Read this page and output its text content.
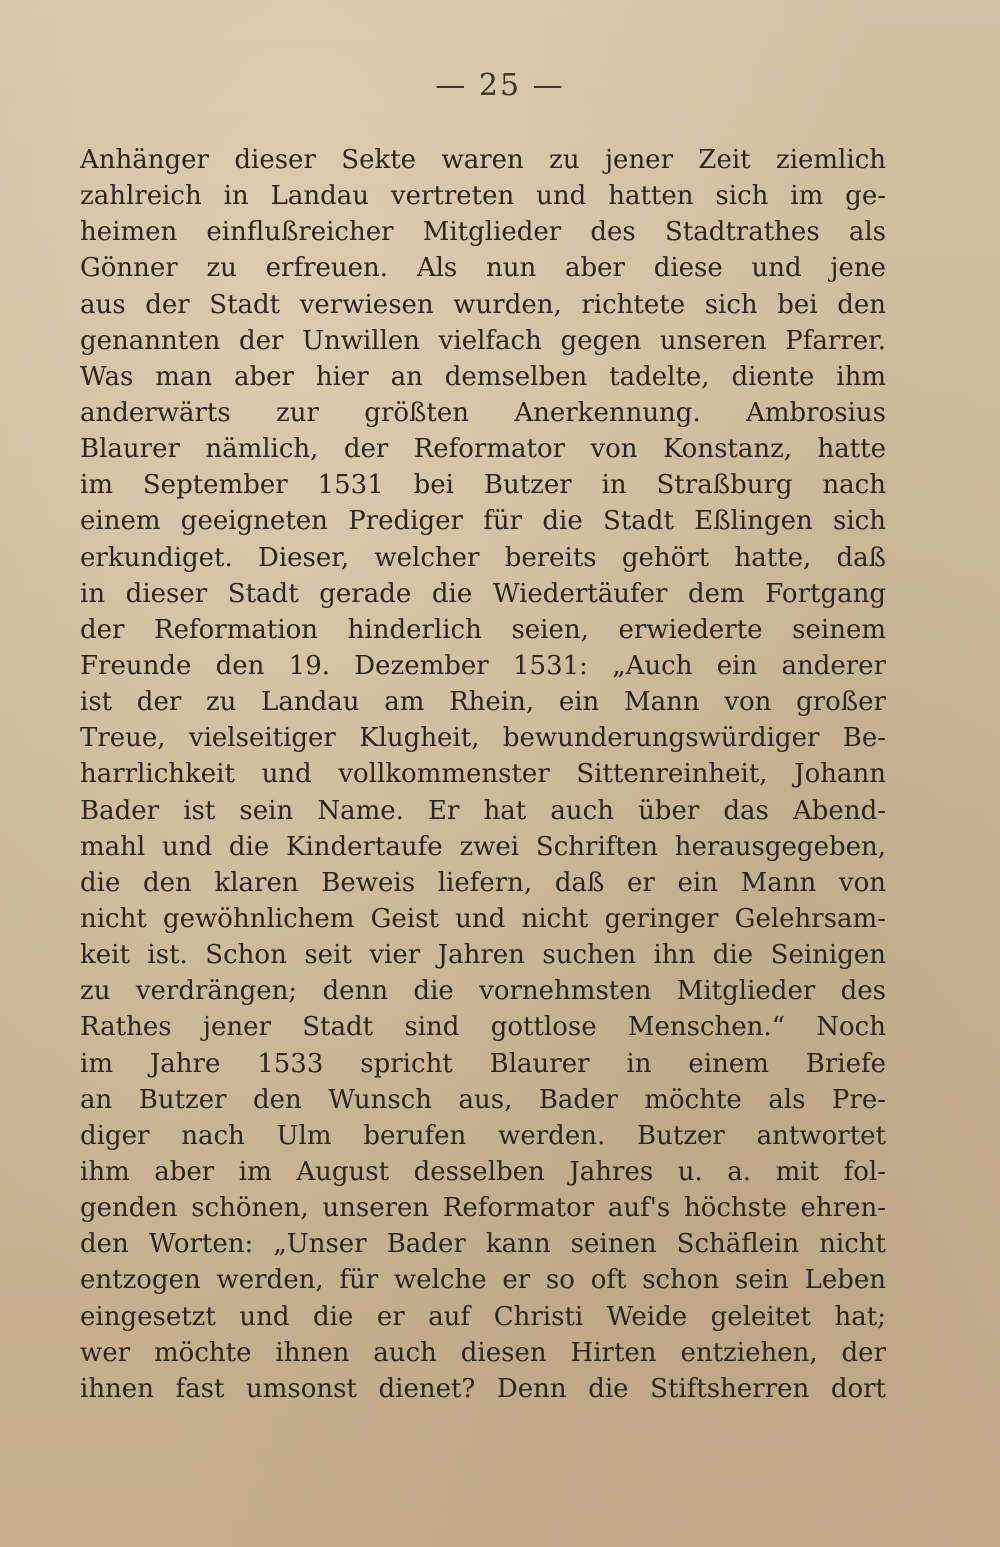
— 25 —
Anhänger dieser Sekte waren zu jener Zeit ziemlich
zahlreich in Landau vertreten und hatten sich im ge-
heimen einflußreicher Mitglieder des Stadtrathes als
Gönner zu erfreuen. Als nun aber diese und jene
aus der Stadt verwiesen wurden, richtete sich bei den
genannten der Unwillen vielfach gegen unseren Pfarrer.
Was man aber hier an demselben tadelte, diente ihm
anderwärts zur größten Anerkennung. Ambrosius
Blaurer nämlich, der Reformator von Konstanz, hatte
im September 1531 bei Butzer in Straßburg nach
einem geeigneten Prediger für die Stadt Eßlingen sich
erkundiget. Dieser, welcher bereits gehört hatte, daß
in dieser Stadt gerade die Wiedertäufer dem Fortgang
der Reformation hinderlich seien, erwiederte seinem
Freunde den 19. Dezember 1531: „Auch ein anderer
ist der zu Landau am Rhein, ein Mann von großer
Treue, vielseitiger Klugheit, bewunderungswürdiger Be-
harrlichkeit und vollkommenster Sittenreinheit, Johann
Bader ist sein Name. Er hat auch über das Abend-
mahl und die Kindertaufe zwei Schriften herausgegeben,
die den klaren Beweis liefern, daß er ein Mann von
nicht gewöhnlichem Geist und nicht geringer Gelehrsam-
keit ist. Schon seit vier Jahren suchen ihn die Seinigen
zu verdrängen; denn die vornehmsten Mitglieder des
Rathes jener Stadt sind gottlose Menschen.“ Noch
im Jahre 1533 spricht Blaurer in einem Briefe
an Butzer den Wunsch aus, Bader möchte als Pre-
diger nach Ulm berufen werden. Butzer antwortet
ihm aber im August desselben Jahres u. a. mit fol-
genden schönen, unseren Reformator auf's höchste ehren-
den Worten: „Unser Bader kann seinen Schäflein nicht
entzogen werden, für welche er so oft schon sein Leben
eingesetzt und die er auf Christi Weide geleitet hat;
wer möchte ihnen auch diesen Hirten entziehen, der
ihnen fast umsonst dienet? Denn die Stiftsherren dort
